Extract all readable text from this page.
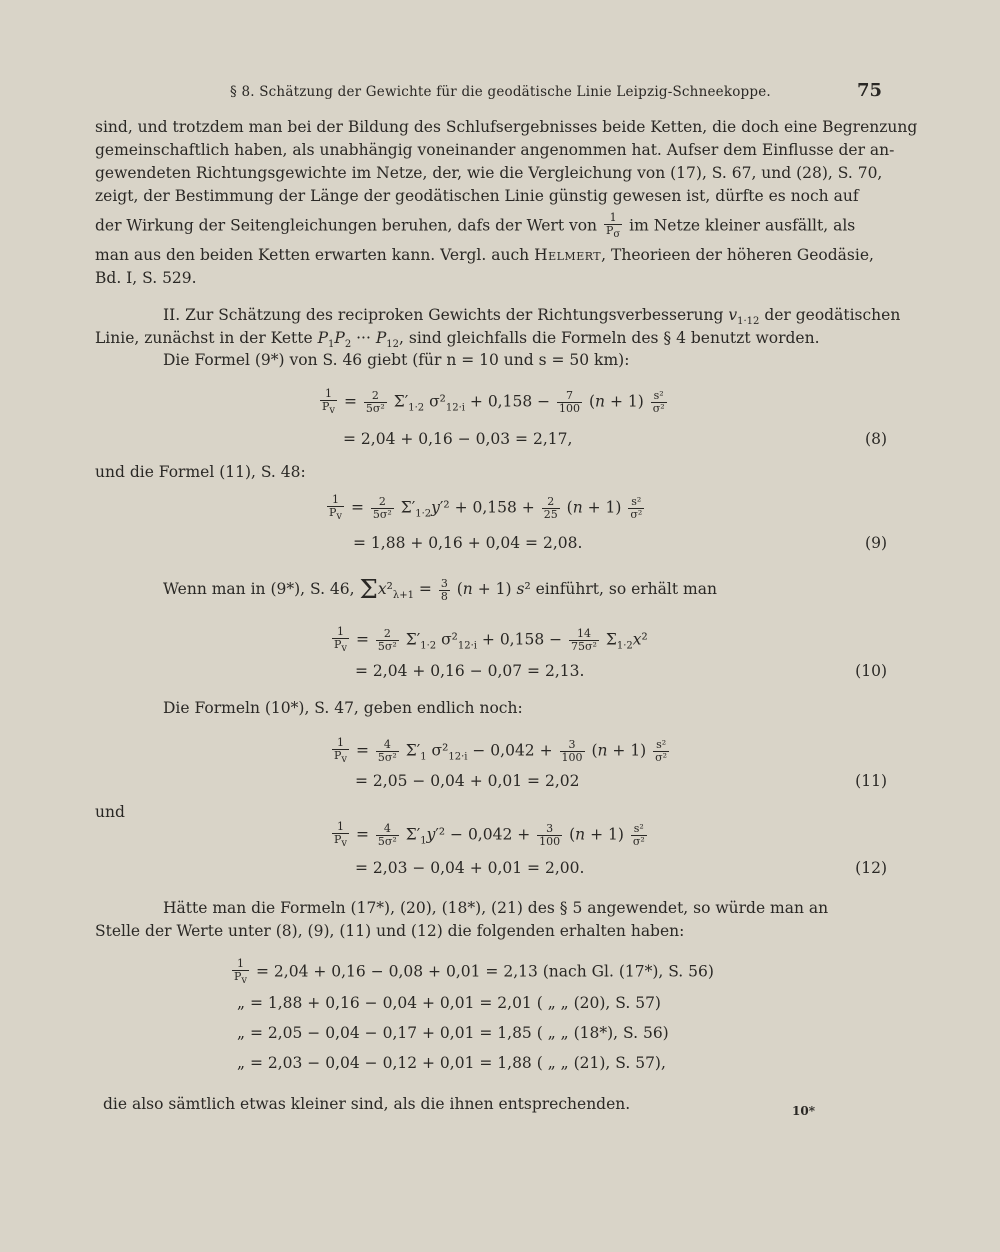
§ 8. Schätzung der Gewichte für die geodätische Linie Leipzig-Schneekoppe.	75
sind, und trotzdem man bei der Bildung des Schlufsergebnisses beide Ketten, die doch eine Begrenzung
gemeinschaftlich haben, als unabhängig voneinander angenommen hat. Aufser dem Einflusse der an-
gewendeten Richtungsgewichte im Netze, der, wie die Vergleichung von (17), S. 67, und (28), S. 70,
zeigt, der Bestimmung der Länge der geodätischen Linie günstig gewesen ist, dürfte es noch auf
der Wirkung der Seitengleichungen beruhen, dafs der Wert von $\frac{1}{P_\sigma}$ im Netze kleiner ausfällt, als
man aus den beiden Ketten erwarten kann. Vergl. auch Helmert, Theorieen der höheren Geodäsie,
Bd. I, S. 529.
II. Zur Schätzung des reciproken Gewichts der Richtungsverbesserung $v_{1\cdot 12}$ der geodätischen
Linie, zunächst in der Kette $P_1P_2$ ··· $P_{12}$, sind gleichfalls die Formeln des § 4 benutzt worden.
Die Formel (9*) von S. 46 giebt (für n = 10 und s = 50 km):
$\frac{1}{P_v} = \frac{2}{\text{5σ²}} \Sigma'_{1\cdot 2}$ $\sigma^2_{12\cdot i} + 0,158 - \frac{7}{100} (n + 1) \frac{\text{s²}}{\text{σ²}}$
= 2,04 + 0,16 − 0,03 = 2,17,	(8)
und die Formel (11), S. 48:
$\frac{1}{P_v} = \frac{2}{\text{5σ²}} \Sigma'_{1\cdot 2}y'^2 + 0,158 + \frac{2}{25} (n + 1) \frac{\text{s²}}{\text{σ²}}$
= 1,88 + 0,16 + 0,04 = 2,08.	(9)
Wenn man in (9*), S. 46, $\Sigma x^2_{\lambda+1} = \frac{3}{8} (n + 1)$ s² einführt, so erhält man
$\frac{1}{P_v} = \frac{2}{\text{5σ²}} \Sigma'_{1\cdot 2}$ $\sigma^2_{12\cdot i} + 0,158 - \frac{14}{\text{75σ²}} \Sigma_{1\cdot 2}x^2$
= 2,04 + 0,16 − 0,07 = 2,13.	(10)
Die Formeln (10*), S. 47, geben endlich noch:
$\frac{1}{P_v} = \frac{4}{\text{5σ²}} \Sigma'_1$ $\sigma^2_{12\cdot i} - 0,042 + \frac{3}{100} (n + 1) \frac{\text{s²}}{\text{σ²}}$
= 2,05 − 0,04 + 0,01 = 2,02	(11)
und
$\frac{1}{P_v} = \frac{4}{\text{5σ²}} \Sigma'_1y'^2 - 0,042 + \frac{3}{100} (n + 1) \frac{\text{s²}}{\text{σ²}}$
= 2,03 − 0,04 + 0,01 = 2,00.	(12)
Hätte man die Formeln (17*), (20), (18*), (21) des § 5 angewendet, so würde man an
Stelle der Werte unter (8), (9), (11) und (12) die folgenden erhalten haben:
$\frac{1}{P_v} = 2,04 + 0,16 - 0,08 + 0,01 = 2,13$ (nach Gl. (17*), S. 56)
„ = 1,88 + 0,16 − 0,04 + 0,01 = 2,01 ( „ „ (20), S. 57)
„ = 2,05 − 0,04 − 0,17 + 0,01 = 1,85 ( „ „ (18*), S. 56)
„ = 2,03 − 0,04 − 0,12 + 0,01 = 1,88 ( „ „ (21), S. 57),
die also sämtlich etwas kleiner sind, als die ihnen entsprechenden.	10*
